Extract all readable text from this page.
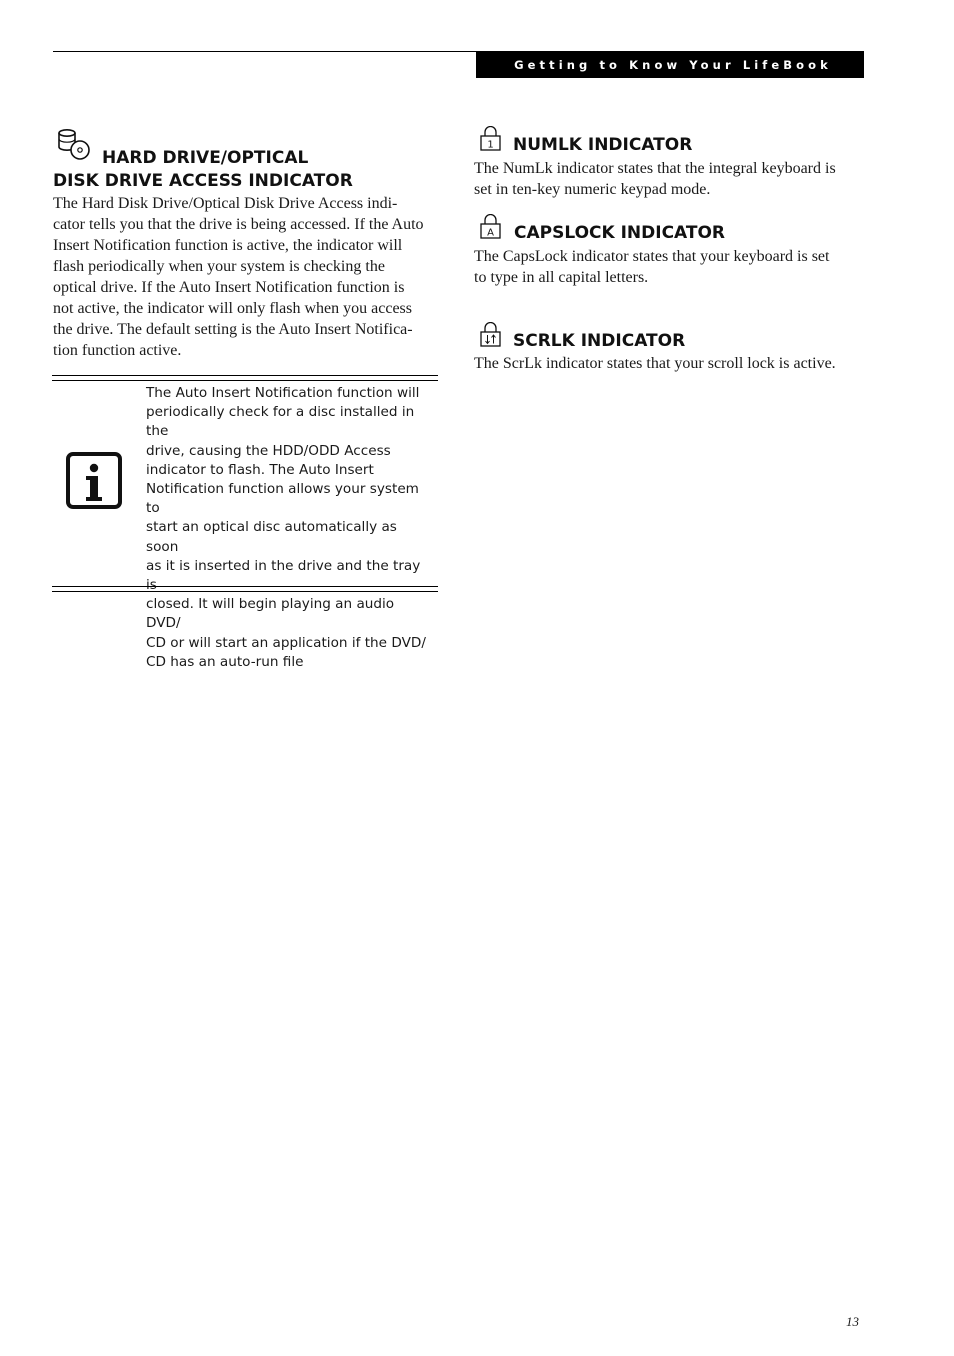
Getting to Know Your LifeBook

HARD DRIVE/OPTICAL

DISK DRIVE ACCESS INDICATOR

The Hard Disk Drive/Optical Disk Drive Access indi-
cator tells you that the drive is being accessed. If the Auto
Insert Notification function is active, the indicator will
flash periodically when your system is checking the
optical drive. If the Auto Insert Notification function is
not active, the indicator will only flash when you access
the drive. The default setting is the Auto Insert Notifica-
tion function active.

The Auto Insert Notification function will
periodically check for a disc installed in the
drive, causing the HDD/ODD Access
indicator to flash. The Auto Insert
Notification function allows your system to
start an optical disc automatically as soon
as it is inserted in the drive and the tray is
closed. It will begin playing an audio DVD/
CD or will start an application if the DVD/
CD has an auto-run file
1 NUMLK INDICATOR

The NumLk indicator states that the integral keyboard is
set in ten-key numeric keypad mode.

A CAPSLOCK INDICATOR

The CapsLock indicator states that your keyboard is set
to type in all capital letters.

SCRLK INDICATOR

The ScrLk indicator states that your scroll lock is active.

13
